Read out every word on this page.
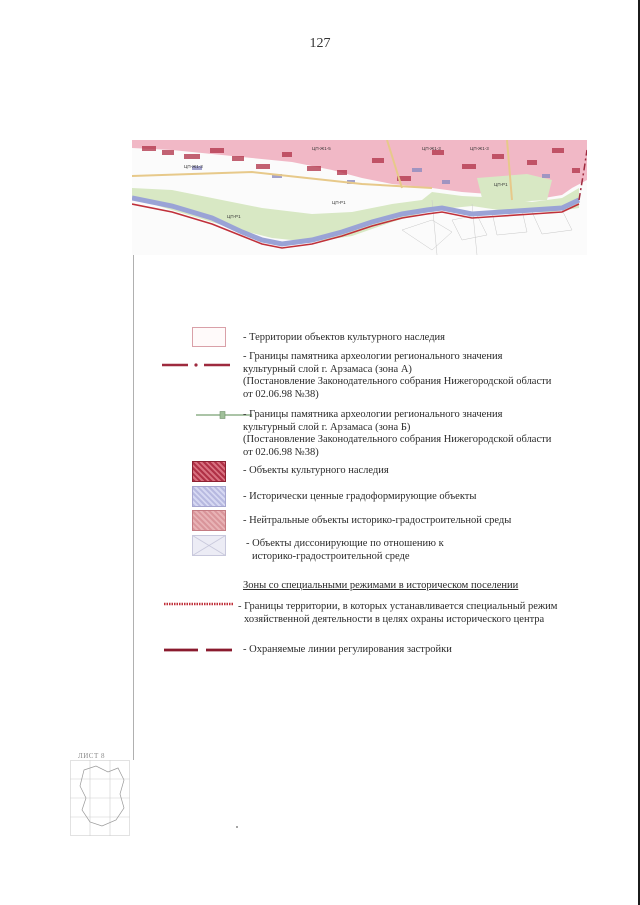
127
ЦП-Ж1-5
ЦП-Ж1-3
ЦП-Ж1-3	ЦП-Ж1-3
ЦП-Р1
ЦП-Р1
ЦП-Р1
- Территории объектов культурного наследия
- Границы памятника археологии регионального значения
культурный слой г. Арзамаса (зона А)
(Постановление Законодательного собрания Нижегородской области
от 02.06.98 №38)
- Границы памятника археологии регионального значения
культурный слой г. Арзамаса (зона Б)
(Постановление Законодательного собрания Нижегородской области
от 02.06.98 №38)
- Объекты культурного наследия
- Исторически ценные градоформирующие объекты
- Нейтральные объекты историко-градостроительной среды
- Объекты диссонирующие по отношению к
историко-градостроительной среде
Зоны со специальными режимами в историческом поселении
- Границы территории, в которых устанавливается специальный режим
хозяйственной деятельности в целях охраны исторического центра
- Охраняемые линии регулирования застройки
ЛИСТ 8
